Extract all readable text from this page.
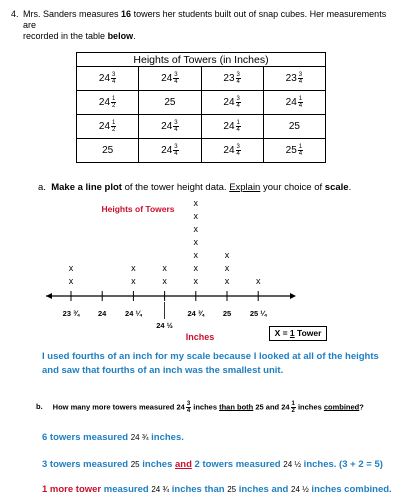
4. Mrs. Sanders measures 16 towers her students built out of snap cubes. Her measurements are
recorded in the table below.
Heights of Towers (in Inches)			

$24 \frac{3}{4}$	$24 \frac{3}{4}$	$23 \frac{3}{4}$	$23 \frac{3}{4}$

$24 \frac{1}{2}$	25	$24 \frac{3}{4}$	$24 \frac{1}{4}$

$24 \frac{1}{2}$	$24 \frac{3}{4}$	$24 \frac{1}{4}$	25

25	$24 \frac{3}{4}$	$24 \frac{3}{4}$	$25 \frac{1}{4}$
a. Make a line plot of the tower height data. Explain your choice of scale.
Heights of Towers
23 ¾
x
x
24 24 ¼
x
x
24 ½
x
x
24 ¾
x
x
x
x
x
x
x
25
x
x
x
25 ¼
x
Inches	X = 1 Tower
I used fourths of an inch for my scale because I looked at all of the heights and saw that fourths of an inch was the smallest unit.
b. How many more towers measured $24 \frac{3}{4}$ inches than both 25 and $24 \frac{1}{2}$ inches combined?
6 towers measured 24 ¾ inches.
3 towers measured 25 inches and 2 towers measured 24 ½ inches. (3 + 2 = 5)
1 more tower measured 24 ¾ inches than 25 inches and 24 ½ inches combined.
